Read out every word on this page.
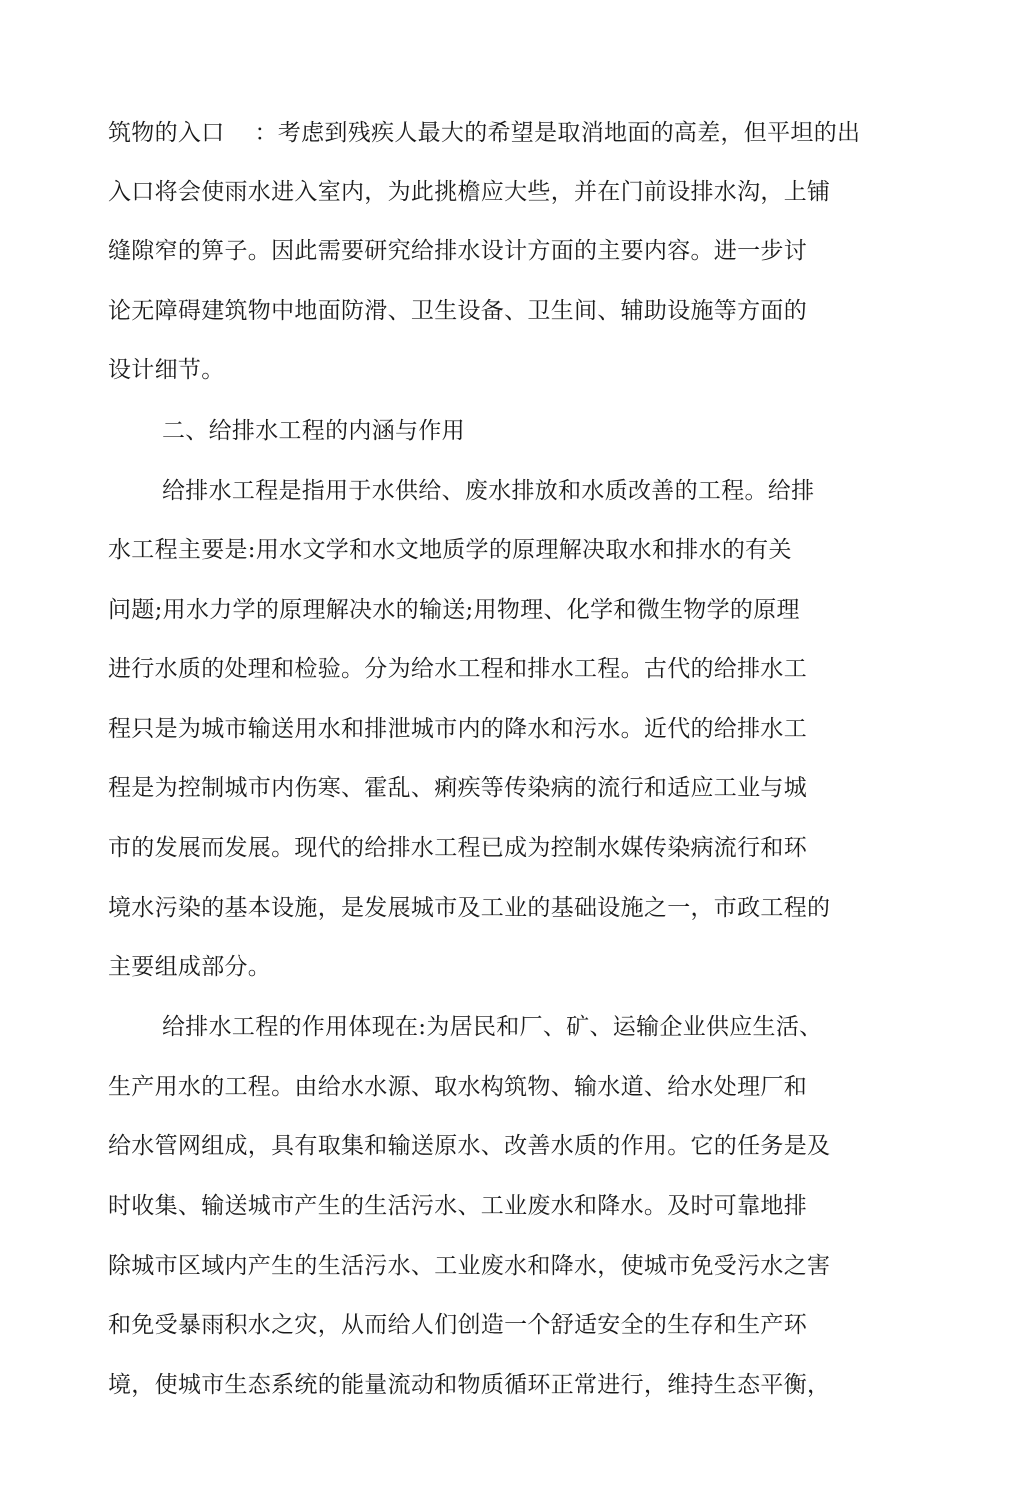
筑物的入口 ：考虑到残疾人最大的希望是取消地面的高差，但平坦的出
入口将会使雨水进入室内，为此挑檐应大些，并在门前设排水沟，上铺
缝隙窄的箅子。因此需要研究给排水设计方面的主要内容。进一步讨
论无障碍建筑物中地面防滑、卫生设备、卫生间、辅助设施等方面的
设计细节。
二、给排水工程的内涵与作用
给排水工程是指用于水供给、废水排放和水质改善的工程。给排
水工程主要是:用水文学和水文地质学的原理解决取水和排水的有关
问题;用水力学的原理解决水的输送;用物理、化学和微生物学的原理
进行水质的处理和检验。分为给水工程和排水工程。古代的给排水工
程只是为城市输送用水和排泄城市内的降水和污水。近代的给排水工
程是为控制城市内伤寒、霍乱、痢疾等传染病的流行和适应工业与城
市的发展而发展。现代的给排水工程已成为控制水媒传染病流行和环
境水污染的基本设施，是发展城市及工业的基础设施之一，市政工程的
主要组成部分。
给排水工程的作用体现在:为居民和厂、矿、运输企业供应生活、
生产用水的工程。由给水水源、取水构筑物、输水道、给水处理厂和
给水管网组成，具有取集和输送原水、改善水质的作用。它的任务是及
时收集、输送城市产生的生活污水、工业废水和降水。及时可靠地排
除城市区域内产生的生活污水、工业废水和降水，使城市免受污水之害
和免受暴雨积水之灾，从而给人们创造一个舒适安全的生存和生产环
境，使城市生态系统的能量流动和物质循环正常进行，维持生态平衡，
